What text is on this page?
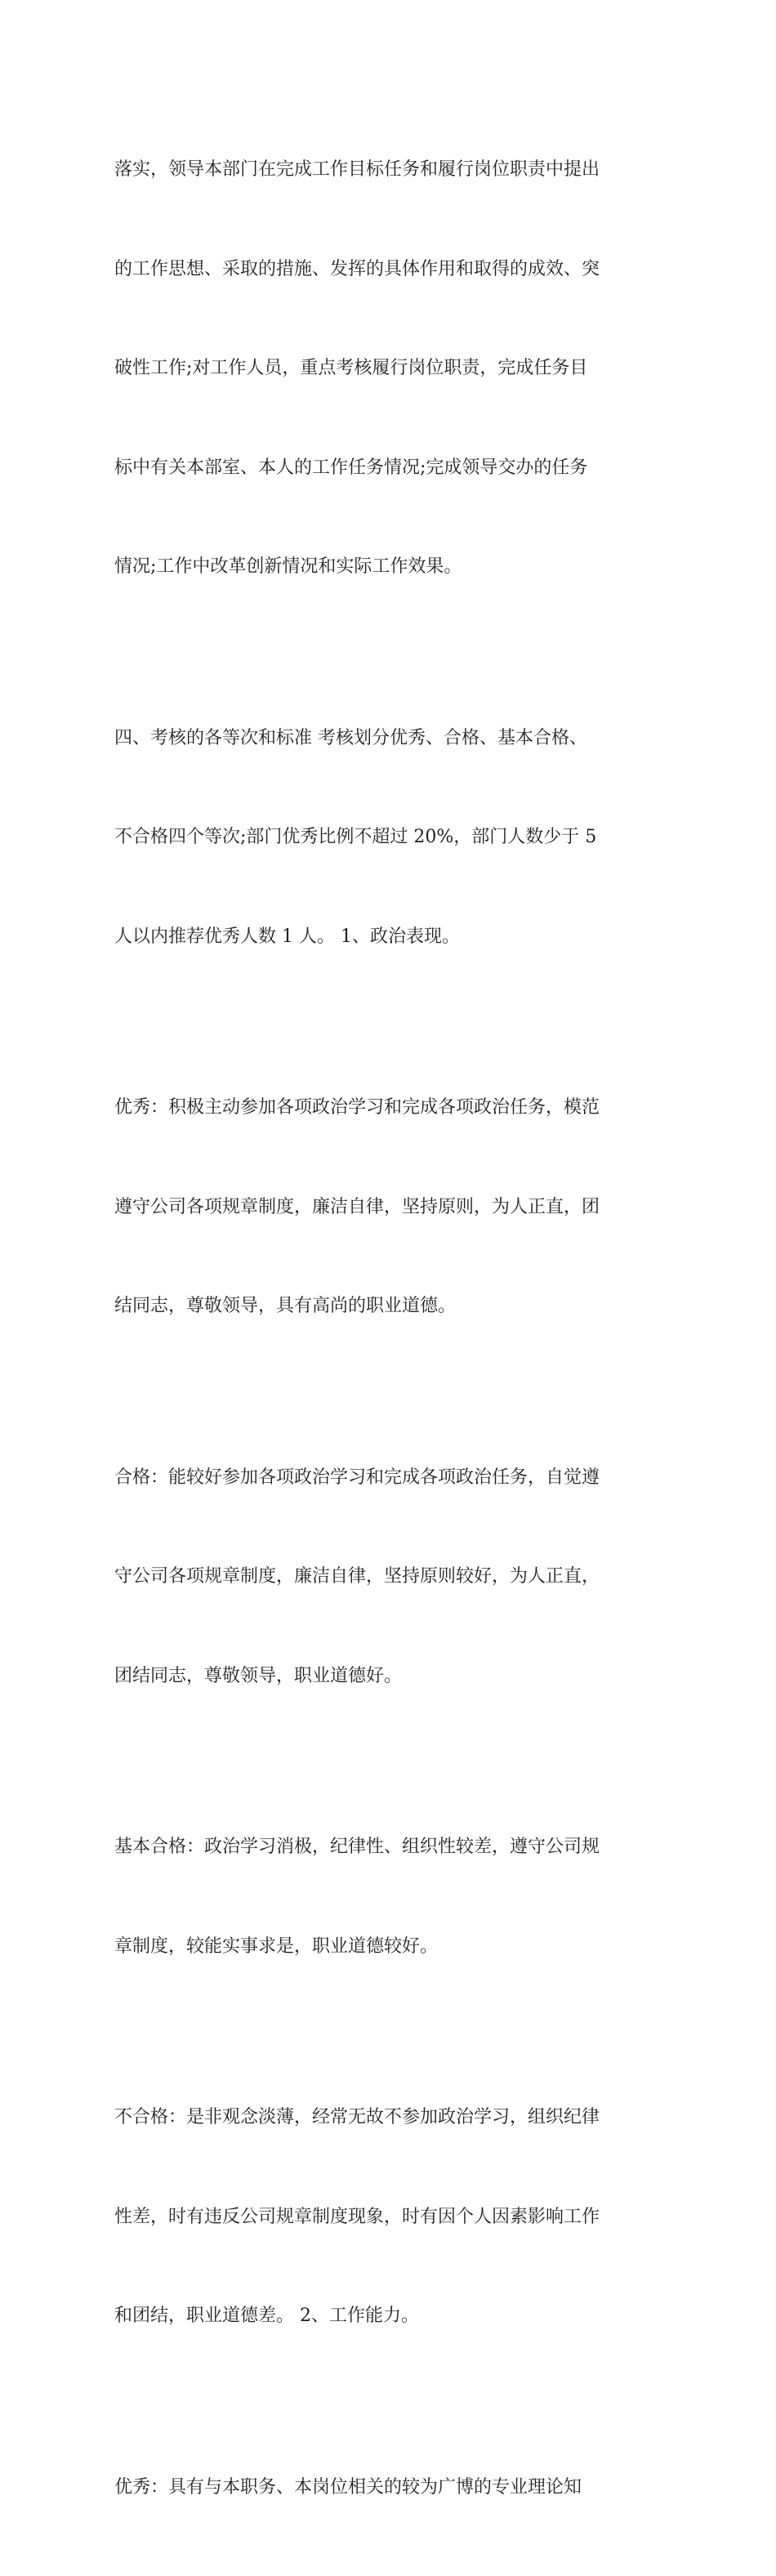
落实，领导本部门在完成工作目标任务和履行岗位职责中提出

的工作思想、采取的措施、发挥的具体作用和取得的成效、突

破性工作;对工作人员，重点考核履行岗位职责，完成任务目

标中有关本部室、本人的工作任务情况;完成领导交办的任务

情况;工作中改革创新情况和实际工作效果。

四、考核的各等次和标准 考核划分优秀、合格、基本合格、

不合格四个等次;部门优秀比例不超过 20%，部门人数少于 5

人以内推荐优秀人数 1 人。 1、政治表现。

优秀：积极主动参加各项政治学习和完成各项政治任务，模范

遵守公司各项规章制度，廉洁自律，坚持原则，为人正直，团

结同志，尊敬领导，具有高尚的职业道德。

合格：能较好参加各项政治学习和完成各项政治任务，自觉遵

守公司各项规章制度，廉洁自律，坚持原则较好，为人正直，

团结同志，尊敬领导，职业道德好。

基本合格：政治学习消极，纪律性、组织性较差，遵守公司规

章制度，较能实事求是，职业道德较好。

不合格：是非观念淡薄，经常无故不参加政治学习，组织纪律

性差，时有违反公司规章制度现象，时有因个人因素影响工作

和团结，职业道德差。 2、工作能力。

优秀：具有与本职务、本岗位相关的较为广博的专业理论知
